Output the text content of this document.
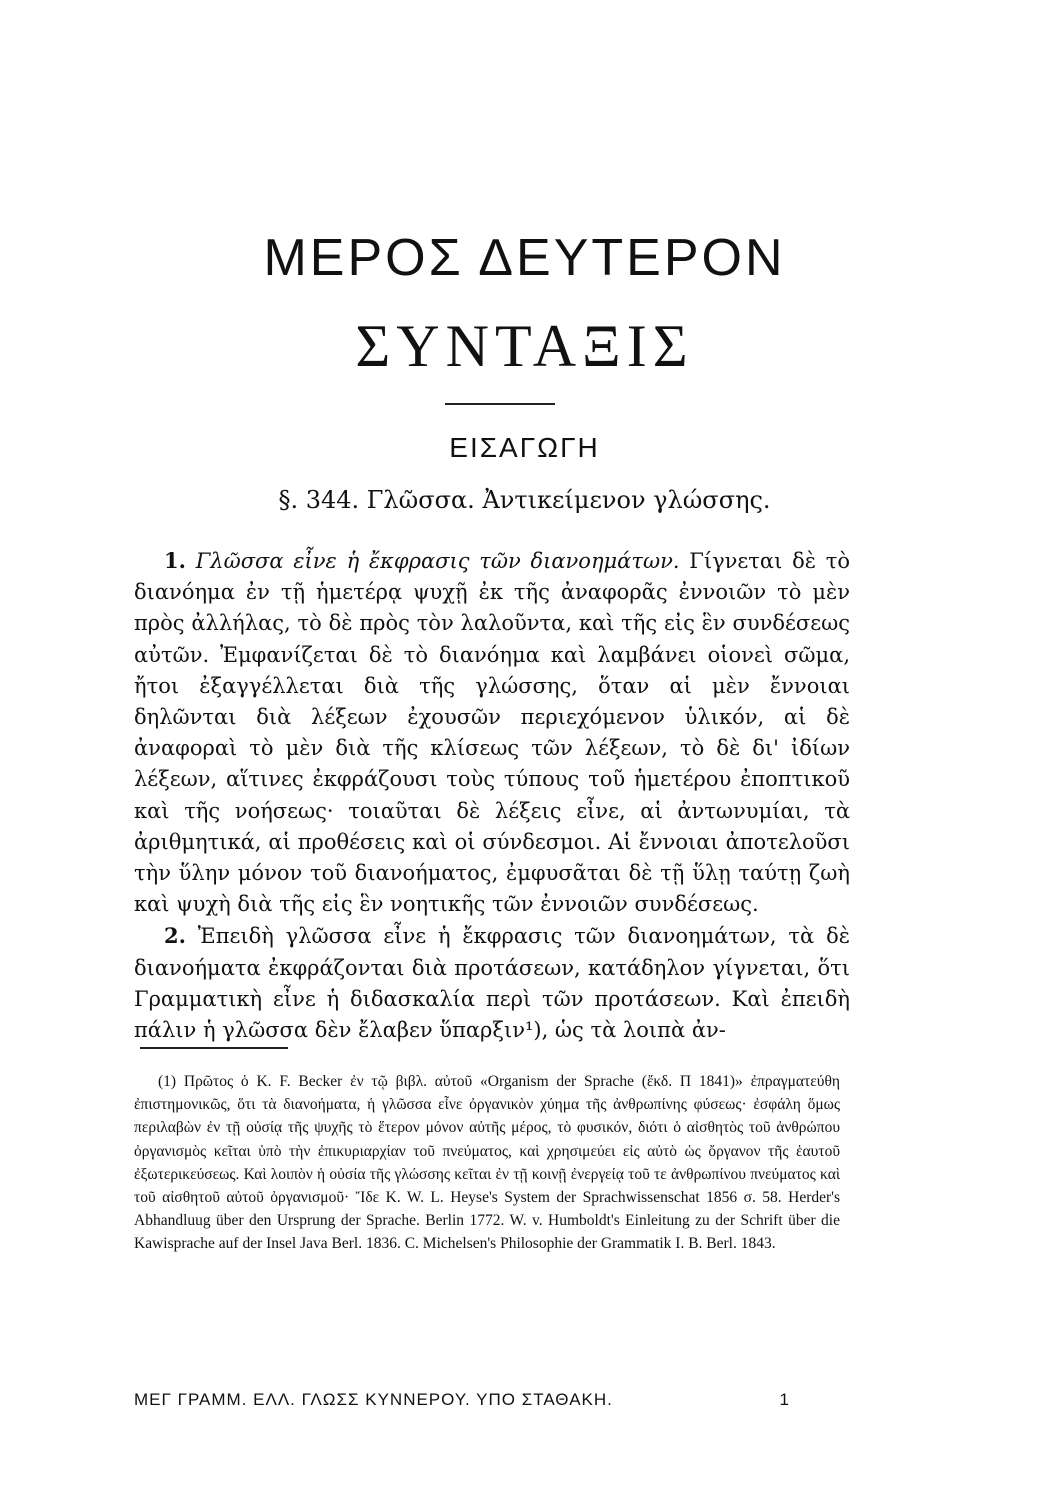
ΜΕΡΟΣ ΔΕΥΤΕΡΟΝ
ΣΥΝΤΑΞΙΣ
ΕΙΣΑΓΩΓΗ
§. 344. Γλῶσσα. Ἀντικείμενον γλώσσης.

1. Γλῶσσα εἶνε ἡ ἔκφρασις τῶν διανοημάτων. Γίγνεται δὲ τὸ διανόημα ἐν τῇ ἡμετέρᾳ ψυχῇ ἐκ τῆς ἀναφορᾶς ἐννοιῶν τὸ μὲν πρὸς ἀλλήλας, τὸ δὲ πρὸς τὸν λαλοῦντα, καὶ τῆς εἰς ἓν συνδέσεως αὐτῶν. Ἐμφανίζεται δὲ τὸ διανόημα καὶ λαμβάνει οἱονεὶ σῶμα, ἤτοι ἐξαγγέλλεται διὰ τῆς γλώσσης, ὅταν αἱ μὲν ἔννοιαι δηλῶνται διὰ λέξεων ἐχουσῶν περιεχόμενον ὑλικόν, αἱ δὲ ἀναφοραὶ τὸ μὲν διὰ τῆς κλίσεως τῶν λέξεων, τὸ δὲ δι' ἰδίων λέξεων, αἵτινες ἐκφράζουσι τοὺς τύπους τοῦ ἡμετέρου ἐποπτικοῦ καὶ τῆς νοήσεως· τοιαῦται δὲ λέξεις εἶνε, αἱ ἀντωνυμίαι, τὰ ἀριθμητικά, αἱ προθέσεις καὶ οἱ σύνδεσμοι. Αἱ ἔννοιαι ἀποτελοῦσι τὴν ὕλην μόνον τοῦ διανοήματος, ἐμφυσᾶται δὲ τῇ ὕλῃ ταύτῃ ζωὴ καὶ ψυχὴ διὰ τῆς εἰς ἓν νοητικῆς τῶν ἐννοιῶν συνδέσεως.

2. Ἐπειδὴ γλῶσσα εἶνε ἡ ἔκφρασις τῶν διανοημάτων, τὰ δὲ διανοήματα ἐκφράζονται διὰ προτάσεων, κατάδηλον γίγνεται, ὅτι Γραμματικὴ εἶνε ἡ διδασκαλία περὶ τῶν προτάσεων. Καὶ ἐπειδὴ πάλιν ἡ γλῶσσα δὲν ἔλαβεν ὕπαρξιν¹), ὡς τὰ λοιπὰ ἀν-

(1) Πρῶτος ὁ K. F. Becker ἐν τῷ βιβλ. αὐτοῦ «Organism der Sprache (ἔκδ. Π 1841)» ἐπραγματεύθη ἐπιστημονικῶς, ὅτι τὰ διανοήματα, ἡ γλῶσσα εἶνε ὀργανικὸν χύημα τῆς ἀνθρωπίνης φύσεως· ἐσφάλη ὅμως περιλαβὼν ἐν τῇ οὐσίᾳ τῆς ψυχῆς τὸ ἕτερον μόνον αὐτῆς μέρος, τὸ φυσικόν, διότι ὁ αἰσθητὸς τοῦ ἀνθρώπου ὀργανισμὸς κεῖται ὑπὸ τὴν ἐπικυριαρχίαν τοῦ πνεύματος, καὶ χρησιμεύει εἰς αὐτὸ ὡς ὄργανον τῆς ἑαυτοῦ ἐξωτερικεύσεως. Καὶ λοιπὸν ἡ οὐσία τῆς γλώσσης κεῖται ἐν τῇ κοινῇ ἐνεργείᾳ τοῦ τε ἀνθρωπίνου πνεύματος καὶ τοῦ αἰσθητοῦ αὐτοῦ ὀργανισμοῦ· Ἴδε K. W. L. Heyse's System der Sprachwissenschat 1856 σ. 58. Herder's Abhandluug über den Ursprung der Sprache. Berlin 1772. W. v. Humboldt's Einleitung zu der Schrift über die Kawisprache auf der Insel Java Berl. 1836. C. Michelsen's Philosophie der Grammatik I. B. Berl. 1843.

ΜΕΓ ΓΡΑΜΜ. ΕΛΛ. ΓΛΩΣΣ ΚΥΝΝΕΡΟΥ. ΥΠΟ ΣΤΑΘΑΚΗ.	1
